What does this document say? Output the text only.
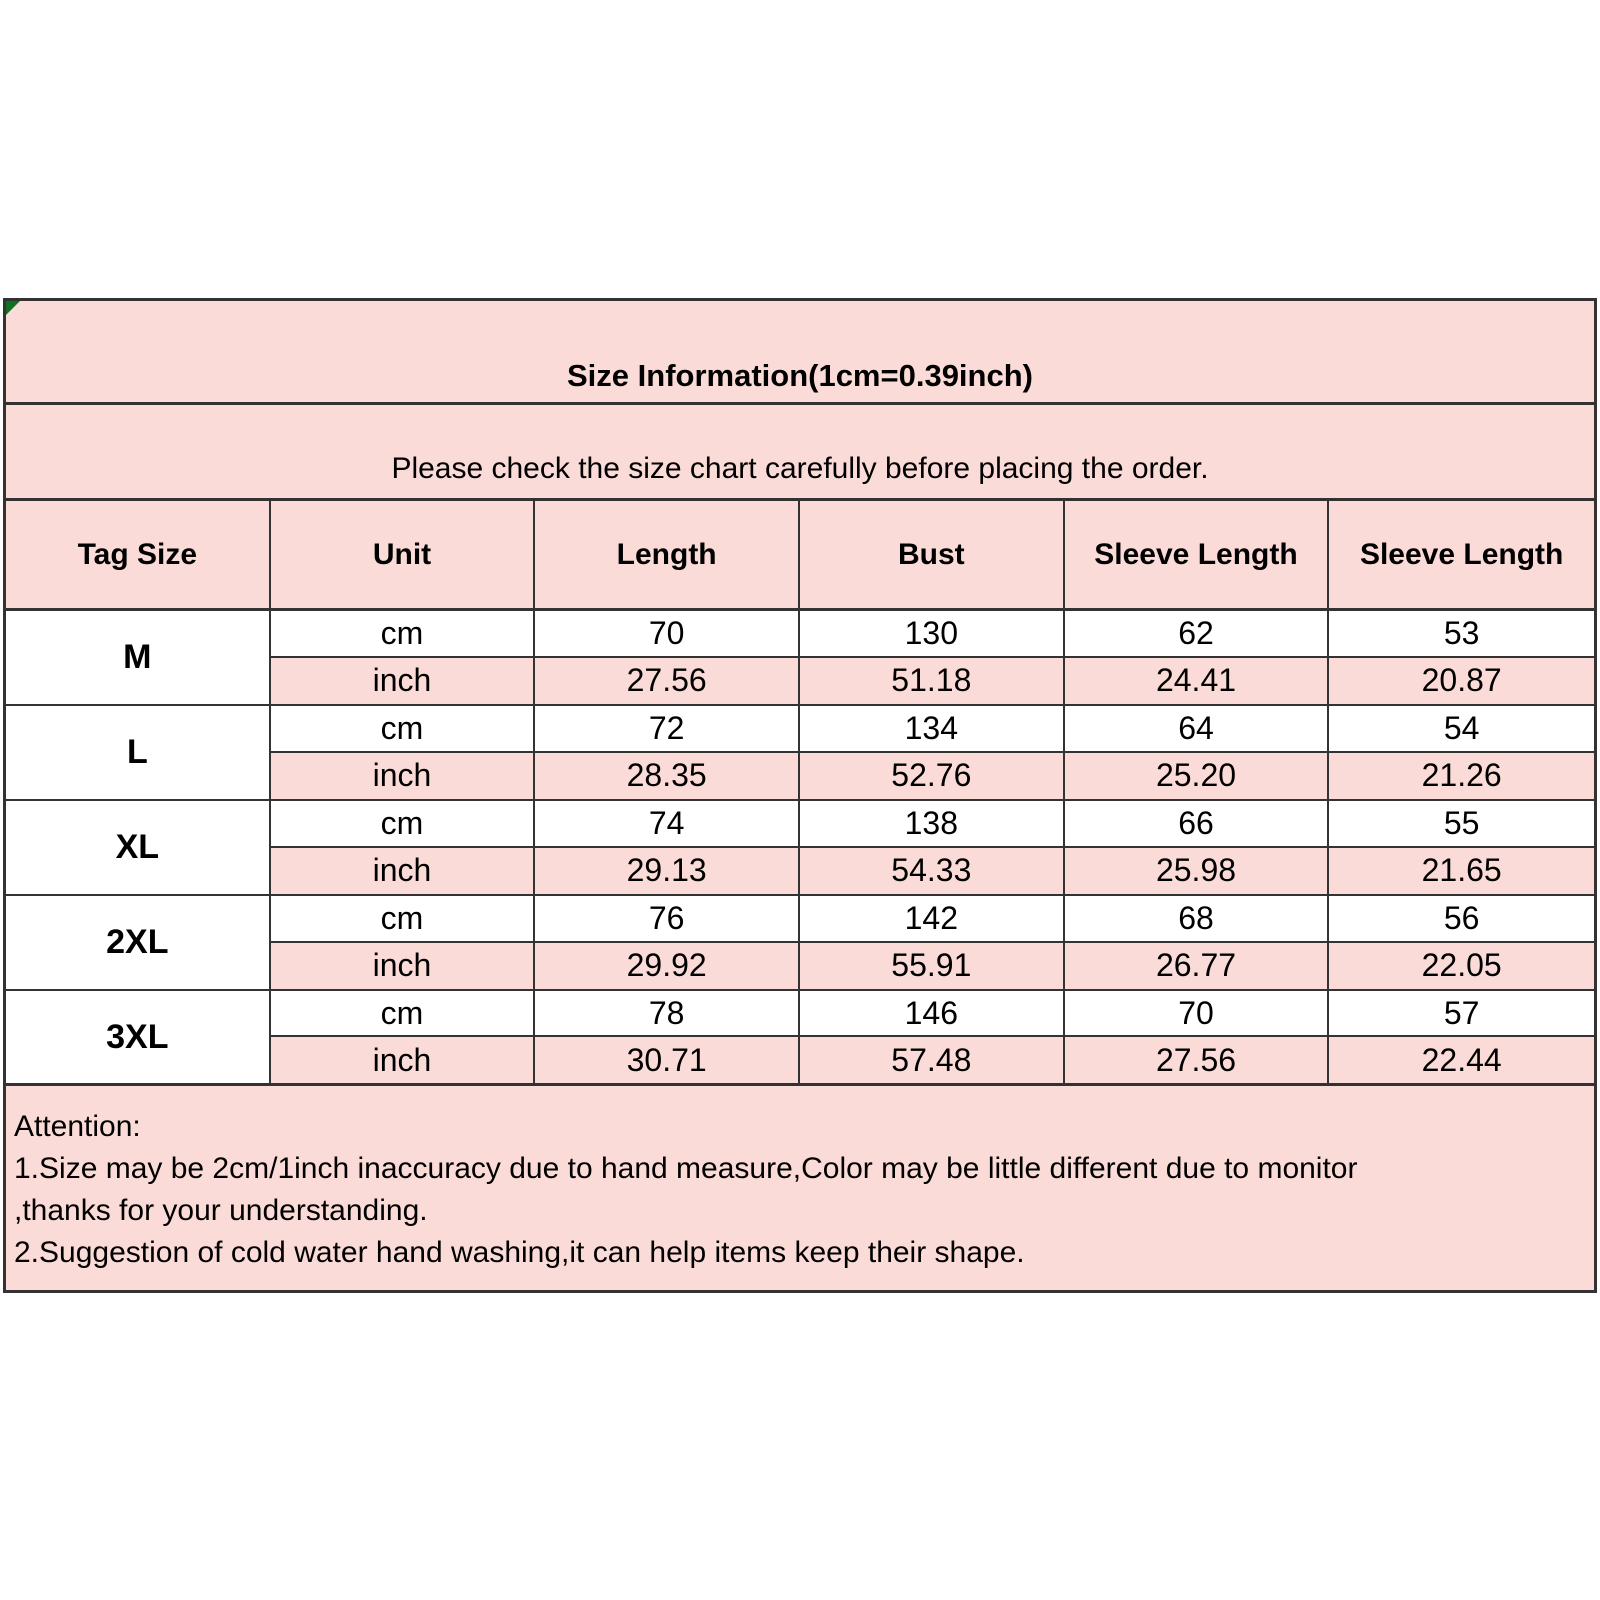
Size Information(1cm=0.39inch)
Please check the size chart carefully before placing the order.
Tag Size	Unit	Length	Bust	Sleeve Length	Sleeve Length
M
cm	70	130	62	53
inch	27.56	51.18	24.41	20.87
L
cm	72	134	64	54
inch	28.35	52.76	25.20	21.26
XL
cm	74	138	66	55
inch	29.13	54.33	25.98	21.65
2XL
cm	76	142	68	56
inch	29.92	55.91	26.77	22.05
3XL
cm	78	146	70	57
inch	30.71	57.48	27.56	22.44
Attention:
1.Size may be 2cm/1inch inaccuracy due to hand measure,Color may be little different due to monitor
,thanks for your understanding.
2.Suggestion of cold water hand washing,it can help items keep their shape.
